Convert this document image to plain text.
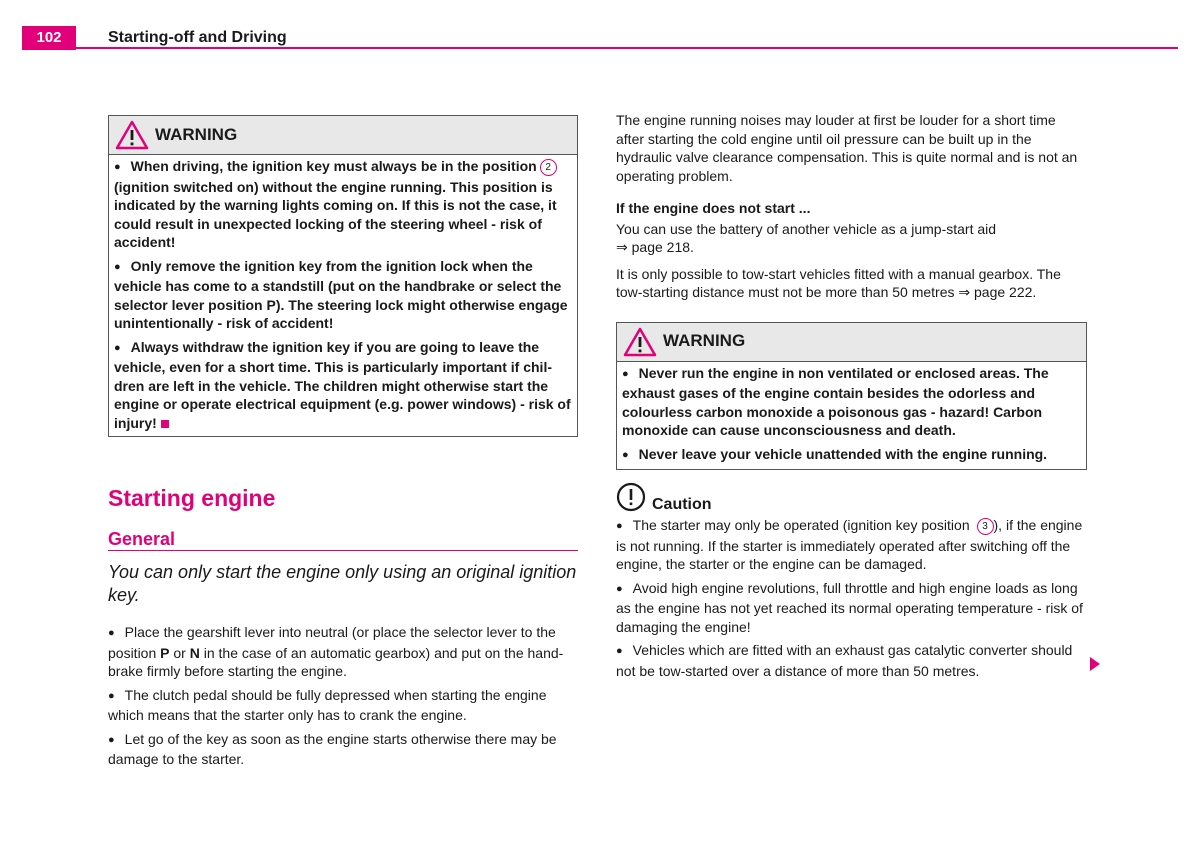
102	Starting-off and Driving
WARNING

● When driving, the ignition key must always be in the position 2 (ignition switched on) without the engine running. This position is indicated by the warning lights coming on. If this is not the case, it could result in unexpected locking of the steering wheel - risk of accident!

● Only remove the ignition key from the ignition lock when the vehicle has come to a standstill (put on the handbrake or select the selector lever position P). The steering lock might otherwise engage unintentionally - risk of accident!

● Always withdraw the ignition key if you are going to leave the vehicle, even for a short time. This is particularly important if chil-dren are left in the vehicle. The children might otherwise start the engine or operate electrical equipment (e.g. power windows) - risk of injury!

Starting engine
General

You can only start the engine only using an original ignition key.

● Place the gearshift lever into neutral (or place the selector lever to the position P or N in the case of an automatic gearbox) and put on the hand-brake firmly before starting the engine.

● The clutch pedal should be fully depressed when starting the engine which means that the starter only has to crank the engine.

● Let go of the key as soon as the engine starts otherwise there may be damage to the starter.

The engine running noises may louder at first be louder for a short time after starting the cold engine until oil pressure can be built up in the hydraulic valve clearance compensation. This is quite normal and is not an operating problem.

If the engine does not start ...

You can use the battery of another vehicle as a jump-start aid
⇒ page 218.

It is only possible to tow-start vehicles fitted with a manual gearbox. The tow-starting distance must not be more than 50 metres ⇒ page 222.

WARNING

● Never run the engine in non ventilated or enclosed areas. The exhaust gases of the engine contain besides the odorless and colourless carbon monoxide a poisonous gas - hazard! Carbon monoxide can cause unconsciousness and death.

● Never leave your vehicle unattended with the engine running.

Caution

● The starter may only be operated (ignition key position 3 ), if the engine is not running. If the starter is immediately operated after switching off the engine, the starter or the engine can be damaged.

● Avoid high engine revolutions, full throttle and high engine loads as long as the engine has not yet reached its normal operating temperature - risk of damaging the engine!

● Vehicles which are fitted with an exhaust gas catalytic converter should not be tow-started over a distance of more than 50 metres.
